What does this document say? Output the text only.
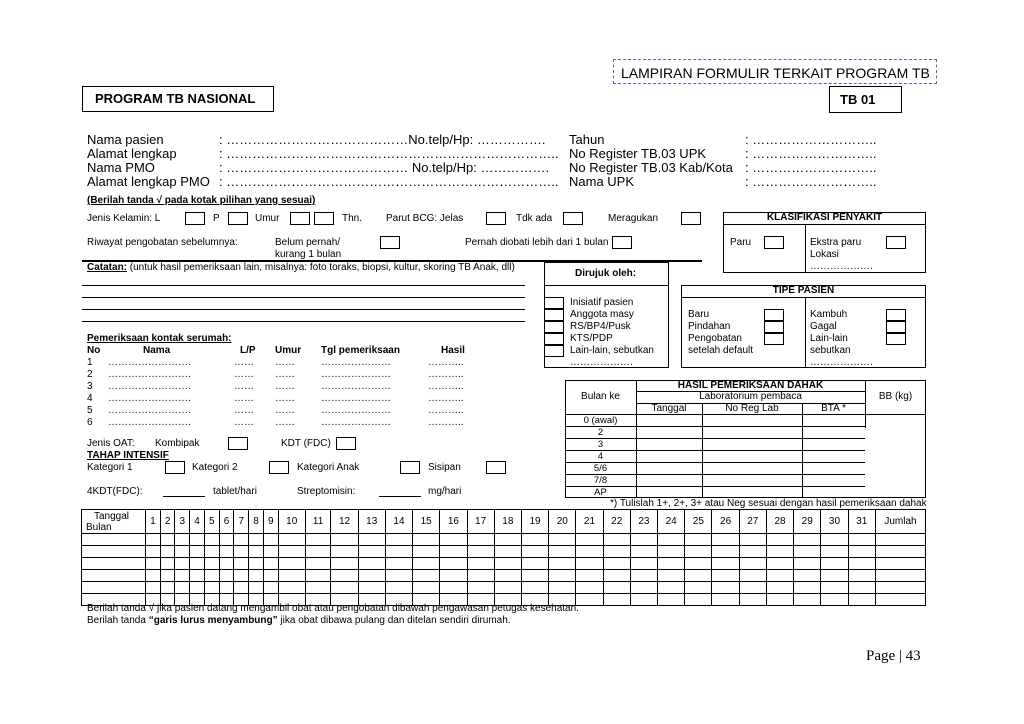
LAMPIRAN FORMULIR TERKAIT PROGRAM TB
PROGRAM TB NASIONAL	TB 01
Nama pasien	: ……………………………………No.telp/Hp: …………….
Alamat lengkap	: …………………………………………………………………..
Nama PMO	: …………………………………… No.telp/Hp: …………….
Alamat lengkap PMO : …………………………………………………………………..
Tahun	: ………………………..
No Register TB.03 UPK	: ………………………..
No Register TB.03 Kab/Kota : ………………………..
Nama UPK	: ………………………..
(Berilah tanda √ pada kotak pilihan yang sesuai)
Jenis Kelamin: L	P	Umur	Thn. Parut BCG: Jelas	Tdk ada	Meragukan	KLASIFIKASI PENYAKIT
Paru	Ekstra paru
Lokasi
……………….
Riwayat pengobatan sebelumnya:	Belum pernah/ kurang 1 bulan
Pernah diobati lebih dari 1 bulan
Catatan: (untuk hasil pemeriksaan lain, misalnya: foto toraks, biopsi, kultur, skoring TB Anak, dll)
Dirujuk oleh:
Inisiatif pasien
Anggota masy
RS/BP4/Pusk
KTS/PDP
Lain-lain, sebutkan
……………….
TIPE PASIEN
Baru
Pindahan
Pengobatan
setelah default
Kambuh
Gagal
Lain-lain
sebutkan
……………….
Pemeriksaan kontak serumah:
No	Nama	L/P Umur Tgl pemeriksaan	Hasil
1 …………………….	…… ……	…………………	………..
2 …………………….	…… ……	…………………	………..
3 …………………….	…… ……	…………………	………..
4 …………………….	…… ……	…………………	………..
5 …………………….	…… ……	…………………	………..
6 …………………….	…… ……	…………………	………..
Jenis OAT: Kombipak	KDT (FDC)
TAHAP INTENSIF
Kategori 1	Kategori 2	Kategori Anak	Sisipan
4KDT(FDC):	tablet/hari	Streptomisin:	mg/hari
HASIL PEMERIKSAAN DAHAK
Bulan ke	Laboratorium pembaca	BB (kg)
Tanggal	No Reg Lab	BTA *
0 (awal)
2
3
4
5/6
7/8
AP
*) Tulislah 1+, 2+, 3+ atau Neg sesuai dengan hasil pemeriksaan dahak
Tanggal
Bulan	1	2	3	4	5	6	7	8	9	10	11	12	13	14	15	16	17	18	19	20	21	22	23	24	25	26	27	28	29	30	31	Jumlah

Berilah tanda √ jika pasien datang mengambil obat atau pengobatan dibawah pengawasan petugas kesehatan.
Berilah tanda “garis lurus menyambung” jika obat dibawa pulang dan ditelan sendiri dirumah.
Page | 43
